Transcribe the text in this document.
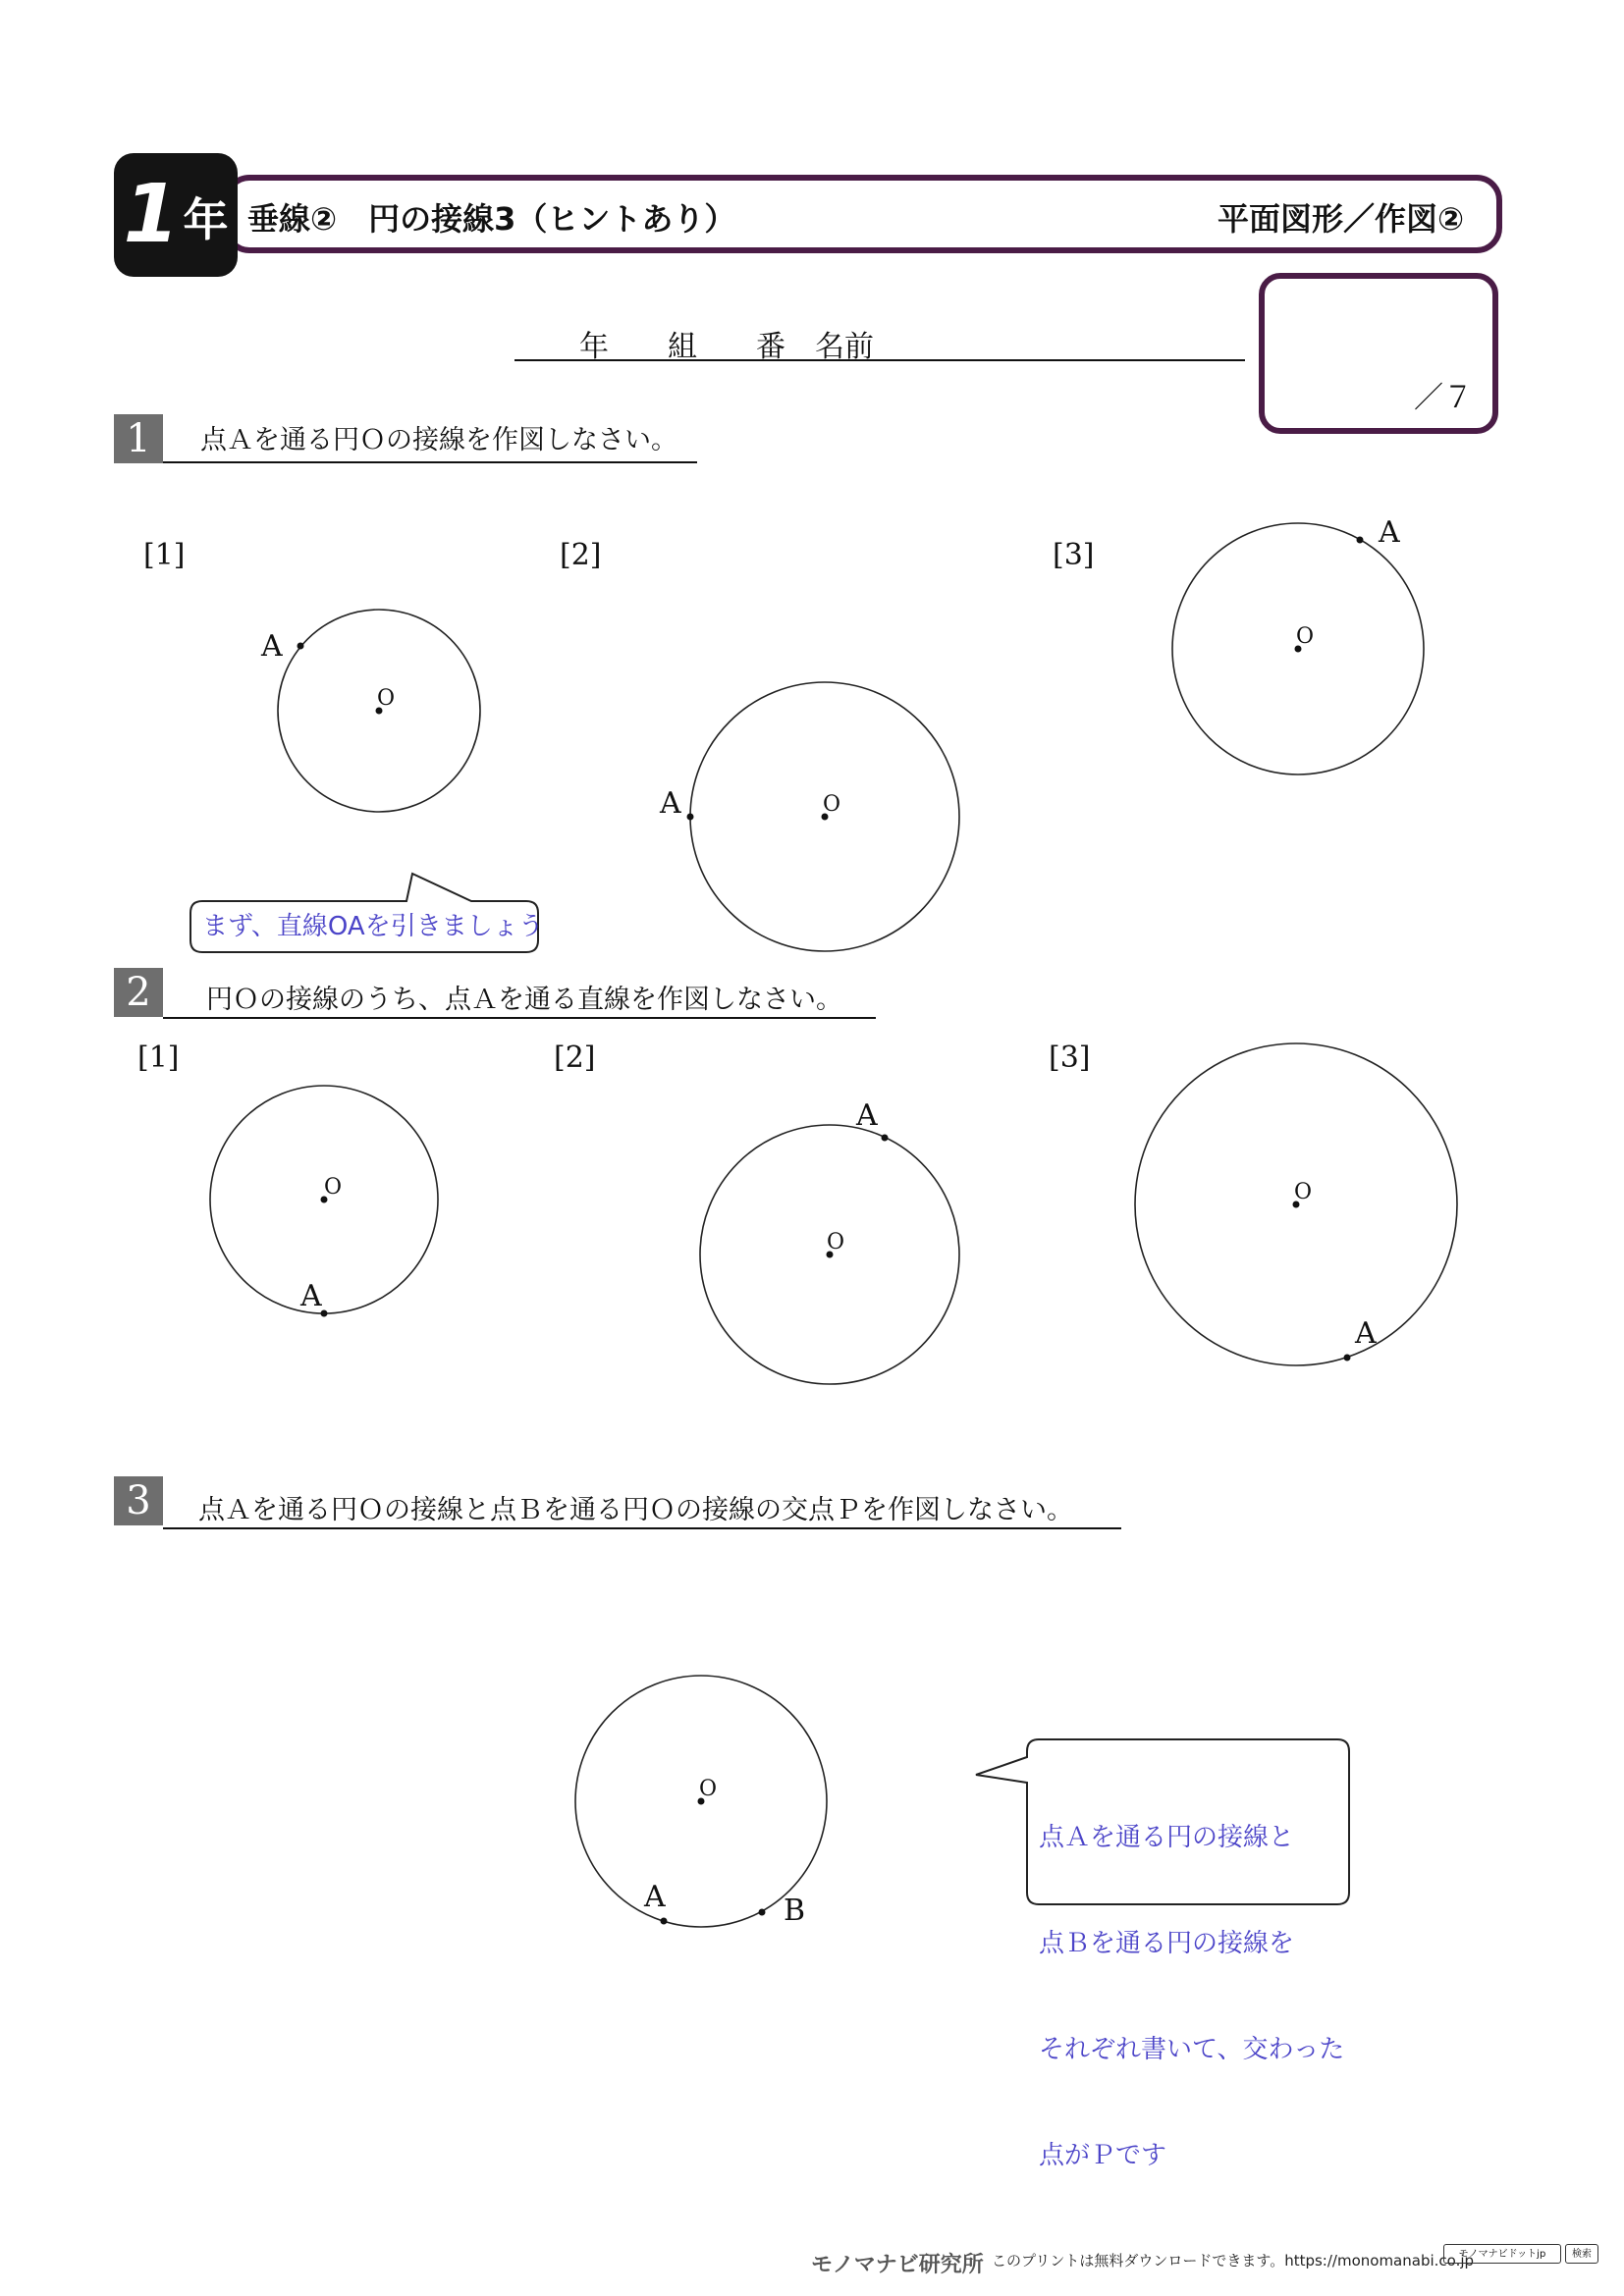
1 年 垂線②　円の接線3（ヒントあり）	平面図形／作図②
年　　組　　番　名前
／７
1	点Ａを通る円Ｏの接線を作図しなさい。
[1]	[2]	[3]
2	円Ｏの接線のうち、点Ａを通る直線を作図しなさい。
[1]	[2]	[3]
3	点Ａを通る円Ｏの接線と点Ｂを通る円Ｏの接線の交点Ｐを作図しなさい。
O
O
O
O
O
O
O
A
A
A
A
A
A
A	B
まず、直線OAを引きましょう

点Ａを通る円の接線と

点Ｂを通る円の接線を

それぞれ書いて、交わった

点がＰです

モノマナビ研究所 このプリントは無料ダウンロードできます。https://monomanabi.co.jp
モノマナビドットjp	検索
